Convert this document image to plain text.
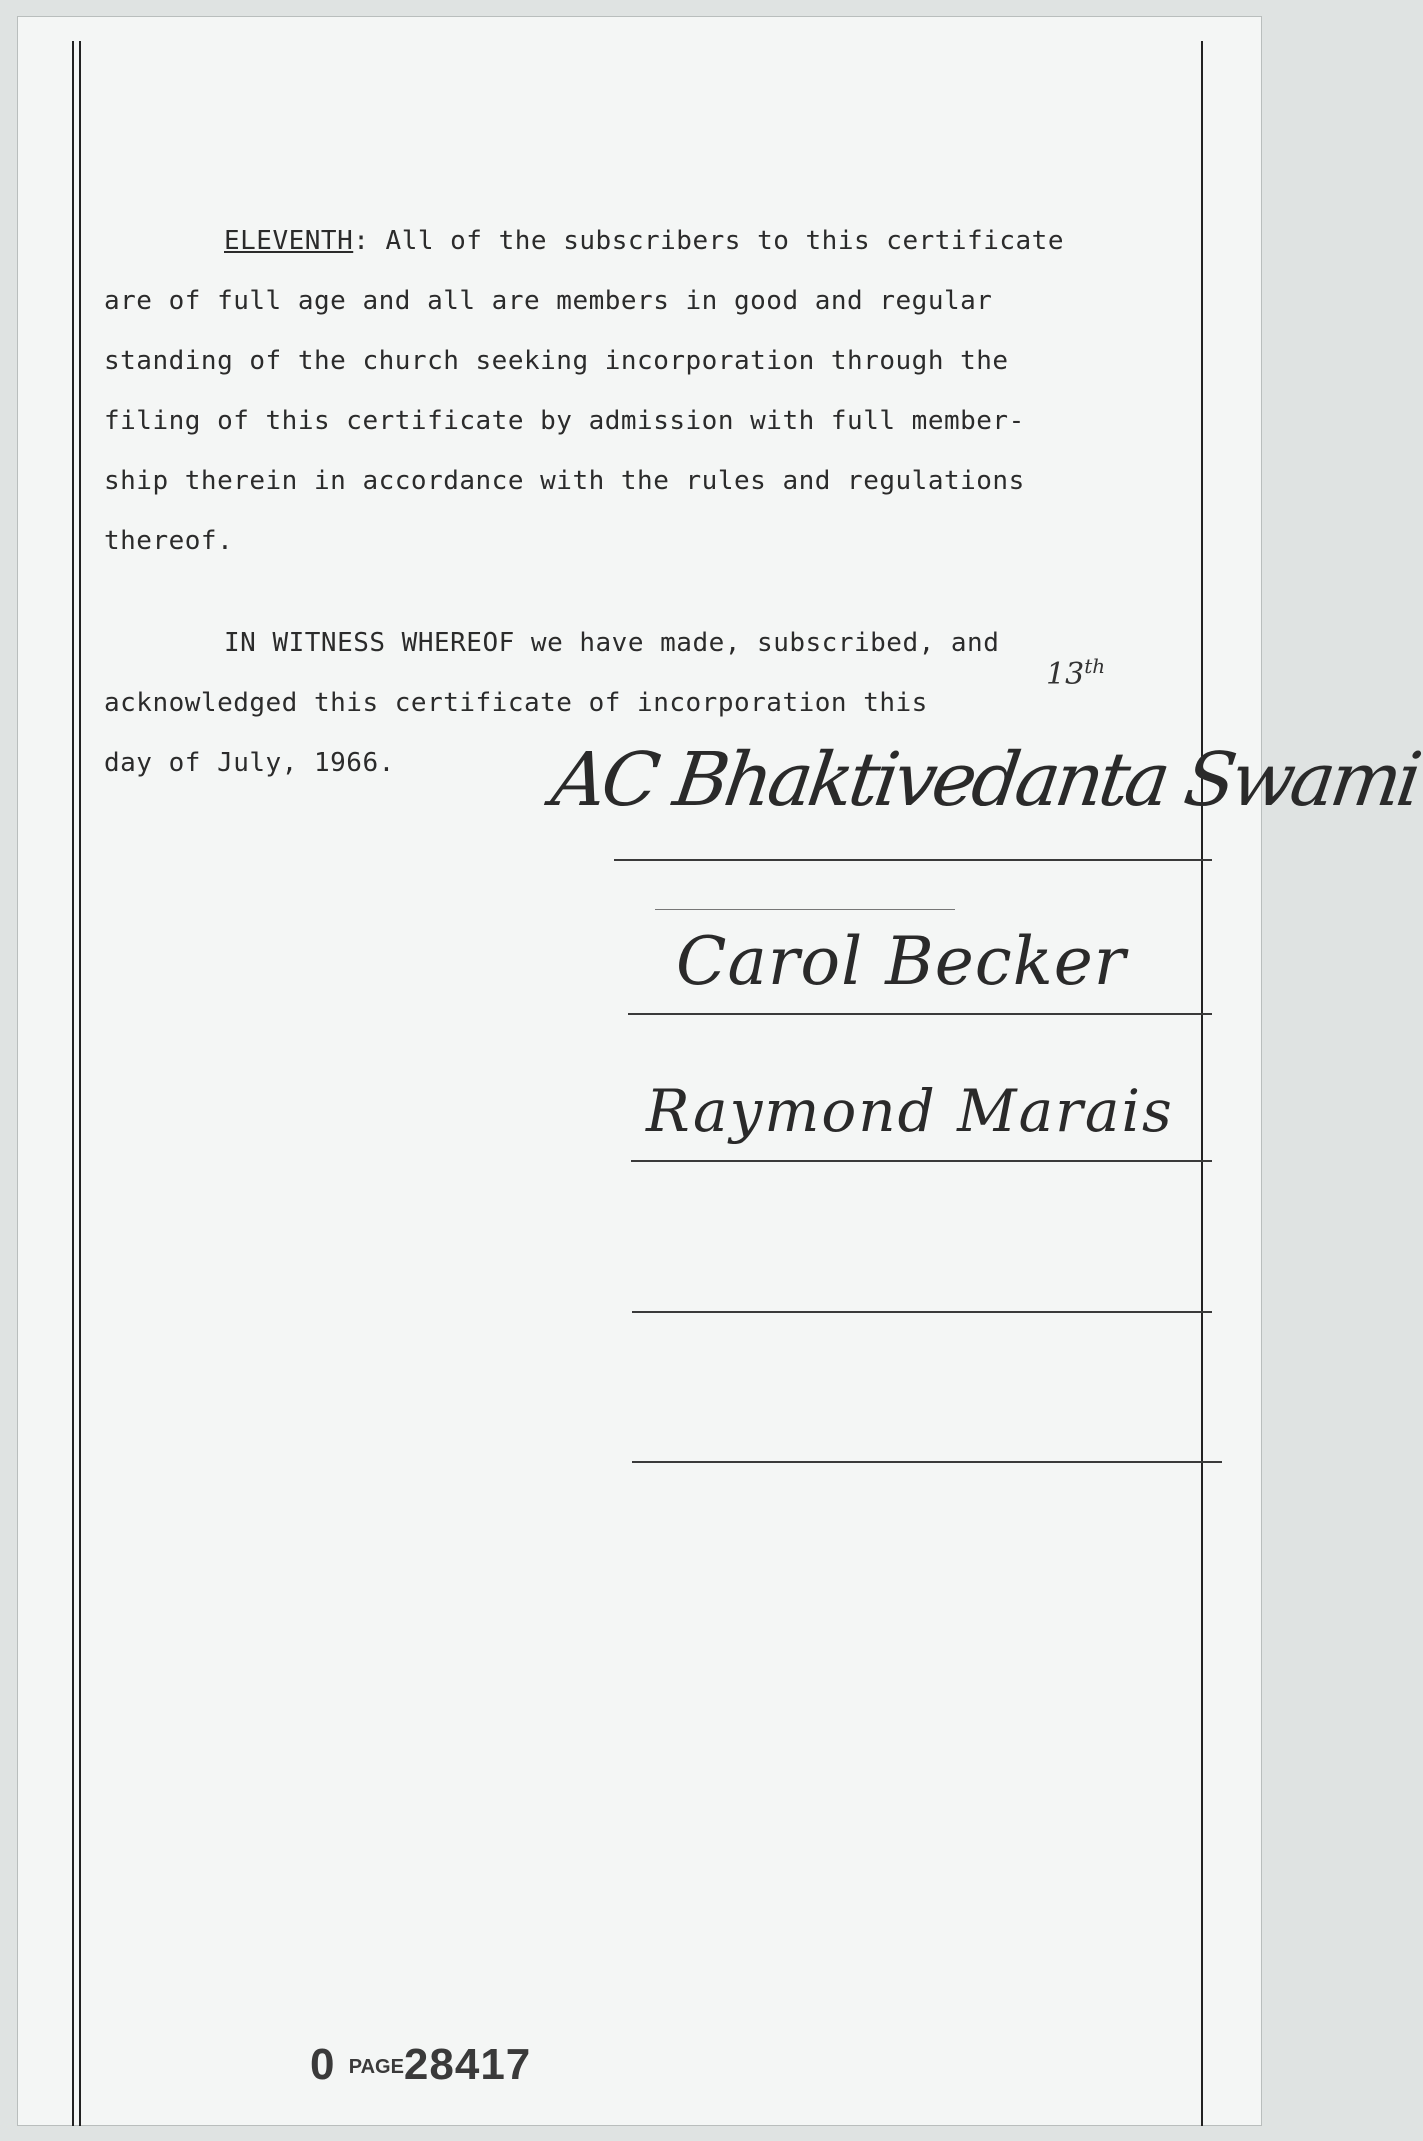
ELEVENTH: All of the subscribers to this certificate
are of full age and all are members in good and regular
standing of the church seeking incorporation through the
filing of this certificate by admission with full member-
ship therein in accordance with the rules and regulations
thereof.
IN WITNESS WHEREOF we have made, subscribed, and
acknowledged this certificate of incorporation this
day of July, 1966.
13th
AC Bhaktivedanta Swami
Carol Becker
Raymond Marais
0 PAGE28417
